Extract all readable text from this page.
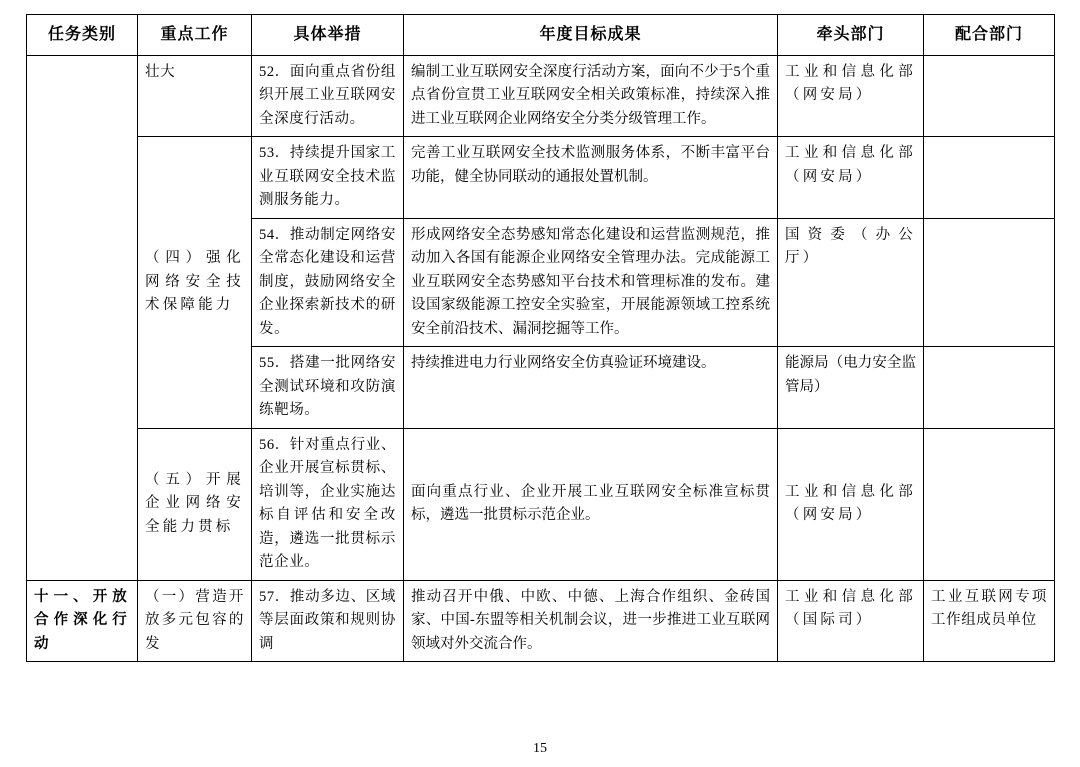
任务类别	重点工作	具体举措	年度目标成果	牵头部门	配合部门
	壮大	52．面向重点省份组织开展工业互联网安全深度行活动。	编制工业互联网安全深度行活动方案，面向不少于5个重点省份宣贯工业互联网安全相关政策标准，持续深入推进工业互联网企业网络安全分类分级管理工作。	工业和信息化部（网安局）	
	（四）强化网络安全技术保障能力	53．持续提升国家工业互联网安全技术监测服务能力。	完善工业互联网安全技术监测服务体系，不断丰富平台功能，健全协同联动的通报处置机制。	工业和信息化部（网安局）	
		54．推动制定网络安全常态化建设和运营制度，鼓励网络安全企业探索新技术的研发。	形成网络安全态势感知常态化建设和运营监测规范，推动加入各国有能源企业网络安全管理办法。完成能源工业互联网安全态势感知平台技术和管理标准的发布。建设国家级能源工控安全实验室，开展能源领域工控系统安全前沿技术、漏洞挖掘等工作。	国资委（办公厅）	
		55．搭建一批网络安全测试环境和攻防演练靶场。	持续推进电力行业网络安全仿真验证环境建设。	能源局（电力安全监管局）	
	（五）开展企业网络安全能力贯标	56．针对重点行业、企业开展宣标贯标、培训等，企业实施达标自评估和安全改造，遴选一批贯标示范企业。	面向重点行业、企业开展工业互联网安全标准宣标贯标，遴选一批贯标示范企业。	工业和信息化部（网安局）	
十一、开放合作深化行动	（一）营造开放多元包容的发	57．推动多边、区域等层面政策和规则协调	推动召开中俄、中欧、中德、上海合作组织、金砖国家、中国-东盟等相关机制会议，进一步推进工业互联网领域对外交流合作。	工业和信息化部（国际司）	工业互联网专项工作组成员单位
15
